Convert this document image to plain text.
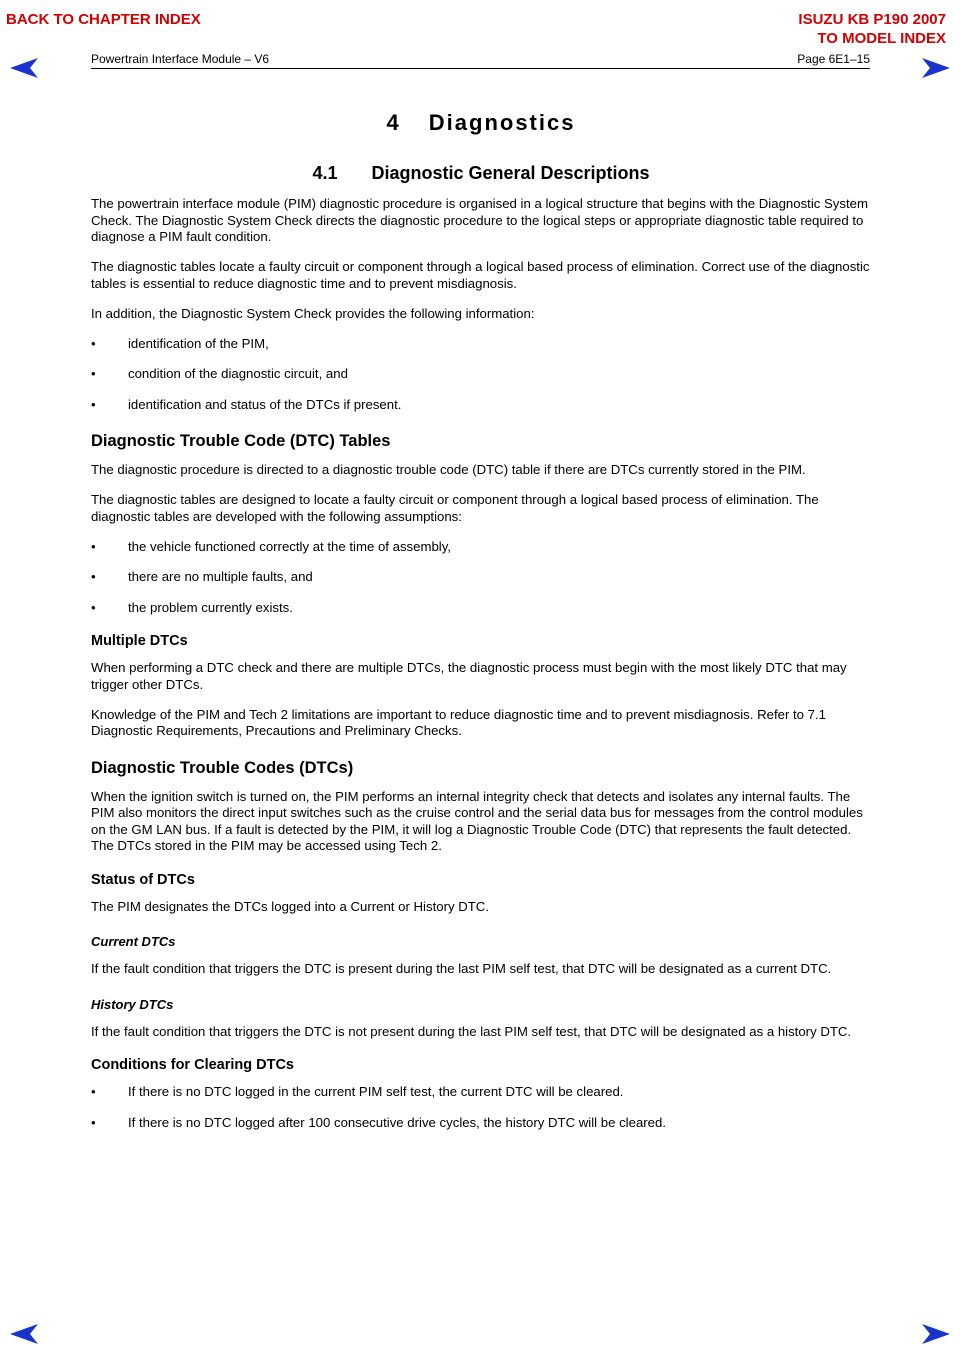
BACK TO CHAPTER INDEX	ISUZU KB P190 2007
TO MODEL INDEX
Powertrain Interface Module – V6	Page 6E1–15
4 Diagnostics
4.1 Diagnostic General Descriptions

The powertrain interface module (PIM) diagnostic procedure is organised in a logical structure that begins with the Diagnostic System Check. The Diagnostic System Check directs the diagnostic procedure to the logical steps or appropriate diagnostic table required to diagnose a PIM fault condition.

The diagnostic tables locate a faulty circuit or component through a logical based process of elimination. Correct use of the diagnostic tables is essential to reduce diagnostic time and to prevent misdiagnosis.

In addition, the Diagnostic System Check provides the following information:

• identification of the PIM,
• condition of the diagnostic circuit, and
• identification and status of the DTCs if present.
Diagnostic Trouble Code (DTC) Tables

The diagnostic procedure is directed to a diagnostic trouble code (DTC) table if there are DTCs currently stored in the PIM.

The diagnostic tables are designed to locate a faulty circuit or component through a logical based process of elimination. The diagnostic tables are developed with the following assumptions:

• the vehicle functioned correctly at the time of assembly,
• there are no multiple faults, and
• the problem currently exists.
Multiple DTCs

When performing a DTC check and there are multiple DTCs, the diagnostic process must begin with the most likely DTC that may trigger other DTCs.

Knowledge of the PIM and Tech 2 limitations are important to reduce diagnostic time and to prevent misdiagnosis. Refer to 7.1 Diagnostic Requirements, Precautions and Preliminary Checks.

Diagnostic Trouble Codes (DTCs)

When the ignition switch is turned on, the PIM performs an internal integrity check that detects and isolates any internal faults. The PIM also monitors the direct input switches such as the cruise control and the serial data bus for messages from the control modules on the GM LAN bus. If a fault is detected by the PIM, it will log a Diagnostic Trouble Code (DTC) that represents the fault detected. The DTCs stored in the PIM may be accessed using Tech 2.

Status of DTCs

The PIM designates the DTCs logged into a Current or History DTC.

Current DTCs

If the fault condition that triggers the DTC is present during the last PIM self test, that DTC will be designated as a current DTC.

History DTCs

If the fault condition that triggers the DTC is not present during the last PIM self test, that DTC will be designated as a history DTC.

Conditions for Clearing DTCs
• If there is no DTC logged in the current PIM self test, the current DTC will be cleared.
• If there is no DTC logged after 100 consecutive drive cycles, the history DTC will be cleared.
